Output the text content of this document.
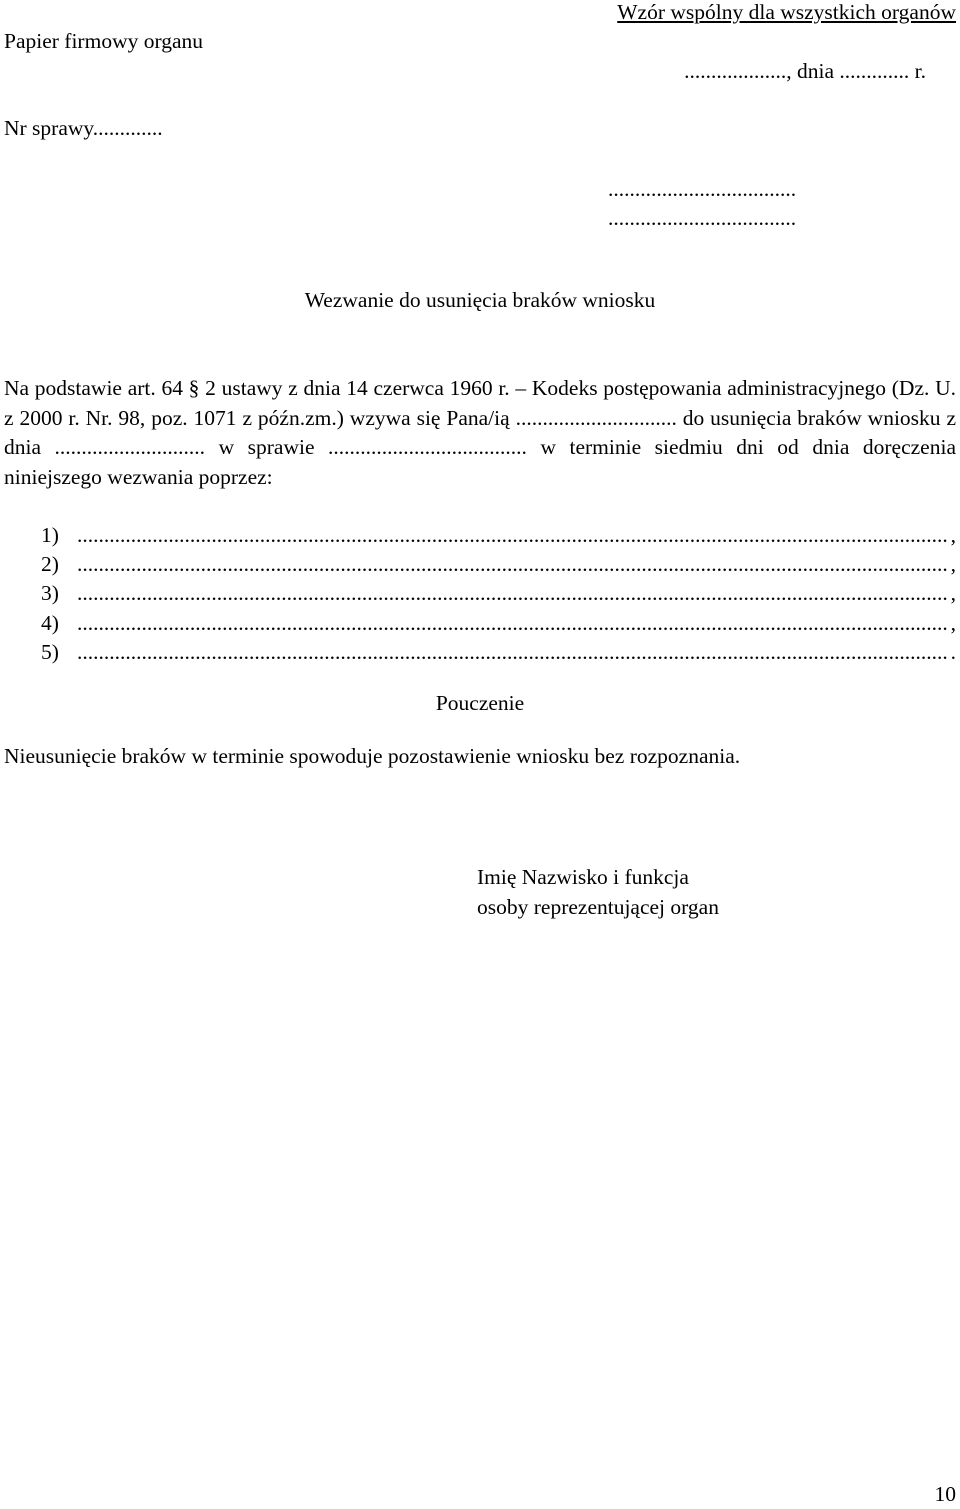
Wzór wspólny dla wszystkich organów
Papier firmowy organu
..................., dnia ............. r.
Nr sprawy.............
...................................
...................................
Wezwanie do usunięcia braków wniosku
Na podstawie art. 64 § 2 ustawy z dnia 14 czerwca 1960 r. – Kodeks postępowania administracyjnego (Dz. U. z 2000 r. Nr. 98, poz. 1071 z późn.zm.) wzywa się Pana/ią .............................. do usunięcia braków wniosku z dnia ............................ w sprawie ..................................... w terminie siedmiu dni od dnia doręczenia niniejszego wezwania poprzez:
1) .................................................................................................................................................................. ,
2) .................................................................................................................................................................. ,
3) .................................................................................................................................................................. ,
4) .................................................................................................................................................................. ,
5) .................................................................................................................................................................. .
Pouczenie
Nieusunięcie braków w terminie spowoduje pozostawienie wniosku bez rozpoznania.
Imię Nazwisko i funkcja
osoby reprezentującej organ
10
